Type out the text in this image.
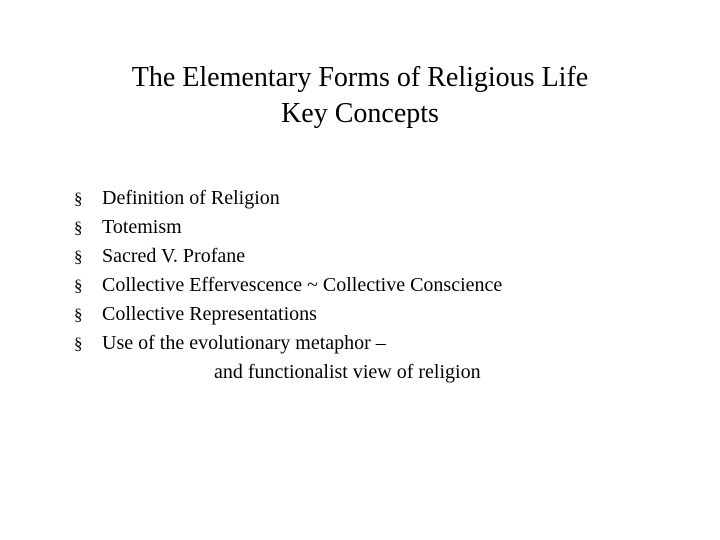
The Elementary Forms of Religious Life
Key Concepts
§ Definition of Religion
§ Totemism
§ Sacred V. Profane
§ Collective Effervescence ~ Collective Conscience
§ Collective Representations
§ Use of the evolutionary metaphor –
and functionalist view of religion
